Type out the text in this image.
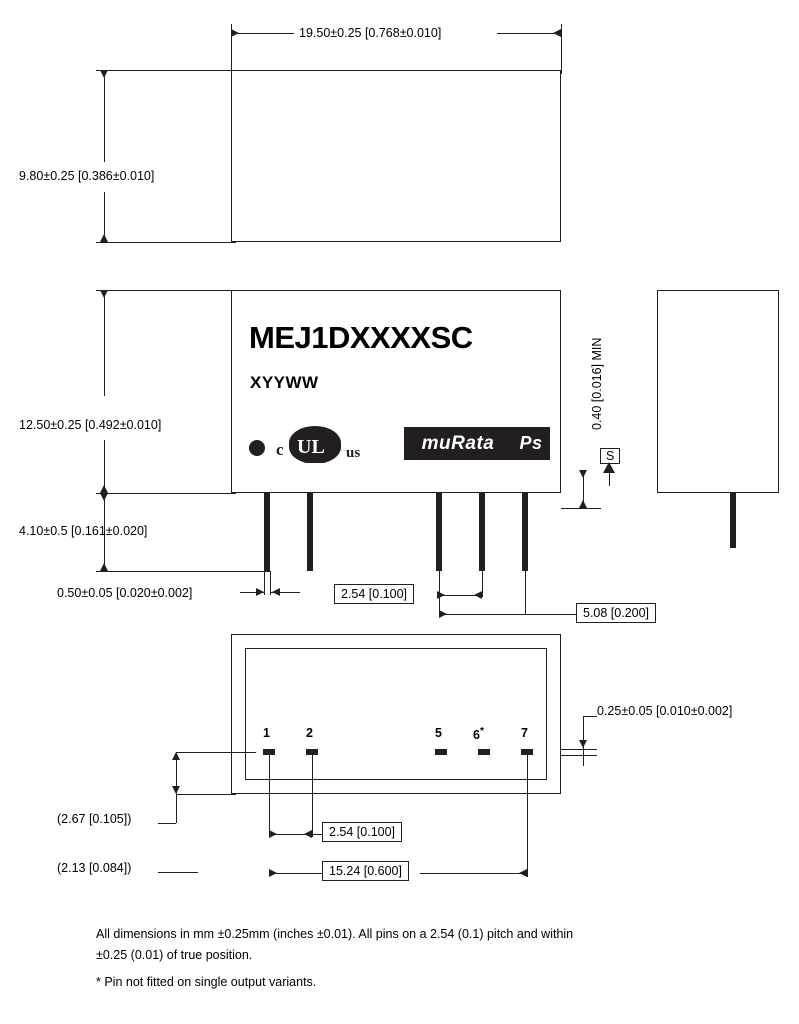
19.50±0.25 [0.768±0.010]
9.80±0.25 [0.386±0.010]
MEJ1DXXXXSC
XYYWW
c UL us	muRata	Ps
12.50±0.25 [0.492±0.010]
4.10±0.5 [0.161±0.020]
0.50±0.05 [0.020±0.002]	2.54 [0.100]
5.08 [0.200]
0.40 [0.016] MIN
S
1	2	5 6*	7
0.25±0.05 [0.010±0.002]
(2.67 [0.105])
2.54 [0.100]
(2.13 [0.084])	15.24 [0.600]
All dimensions in mm ±0.25mm (inches ±0.01). All pins on a 2.54 (0.1) pitch and within
±0.25 (0.01) of true position.
* Pin not fitted on single output variants.
